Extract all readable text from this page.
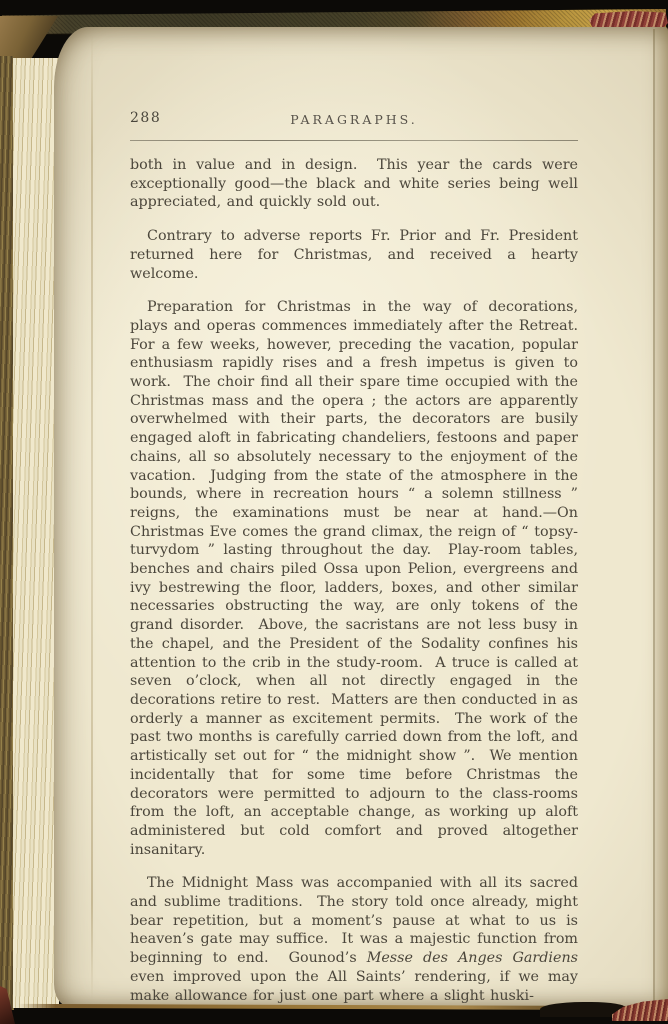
288	PARAGRAPHS.

both in value and in design.  This year the cards were exceptionally good—the black and white series being well appreciated, and quickly sold out.

Contrary to adverse reports Fr. Prior and Fr. President returned here for Christmas, and received a hearty welcome.

Preparation for Christmas in the way of decorations, plays and operas commences immediately after the Retreat.  For a few weeks, however, preceding the vacation, popular enthusiasm rapidly rises and a fresh impetus is given to work.  The choir find all their spare time occupied with the Christmas mass and the opera ; the actors are apparently overwhelmed with their parts, the decorators are busily engaged aloft in fabricating chandeliers, festoons and paper chains, all so absolutely necessary to the enjoyment of the vacation.  Judging from the state of the atmosphere in the bounds, where in recreation hours “ a solemn stillness ” reigns, the examinations must be near at hand.—On Christmas Eve comes the grand climax, the reign of “ topsy-turvydom ” lasting throughout the day.  Play-room tables, benches and chairs piled Ossa upon Pelion, evergreens and ivy bestrewing the floor, ladders, boxes, and other similar necessaries obstructing the way, are only tokens of the grand disorder.  Above, the sacristans are not less busy in the chapel, and the President of the Sodality confines his attention to the crib in the study-room.  A truce is called at seven o’clock, when all not directly engaged in the decorations retire to rest.  Matters are then conducted in as orderly a manner as excitement permits.  The work of the past two months is carefully carried down from the loft, and artistically set out for “ the midnight show ”.  We mention incidentally that for some time before Christmas the decorators were permitted to adjourn to the class-rooms from the loft, an acceptable change, as working up aloft administered but cold comfort and proved altogether insanitary.

The Midnight Mass was accompanied with all its sacred and sublime traditions.  The story told once already, might bear repetition, but a moment’s pause at what to us is heaven’s gate may suffice.  It was a majestic function from beginning to end.  Gounod’s Messe des Anges Gardiens even improved upon the All Saints’ rendering, if we may make allowance for just one part where a slight huski-
